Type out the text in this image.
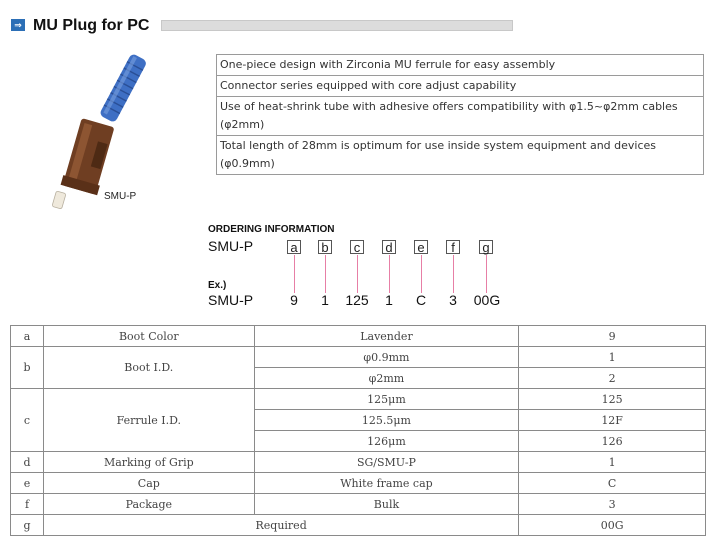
⇒ MU Plug for PC
SMU-P
One-piece design with Zirconia MU ferrule for easy assembly
Connector series equipped with core adjust capability
Use of heat-shrink tube with adhesive offers compatibility with φ1.5~φ2mm cables (φ2mm)
Total length of 28mm is optimum for use inside system equipment and devices (φ0.9mm)
ORDERING INFORMATION
SMU-P	a b c d e	f	g
Ex.)
SMU-P	9	1	125	1	C	3	00G
a	Boot Color	Lavender	9
b	Boot I.D.	φ0.9mm	1
		φ2mm	2
c	Ferrule I.D.	125μm	125
		125.5μm	12F
		126μm	126
d	Marking of Grip	SG/SMU-P	1
e	Cap	White frame cap	C
f	Package	Bulk	3
g	Required		00G
